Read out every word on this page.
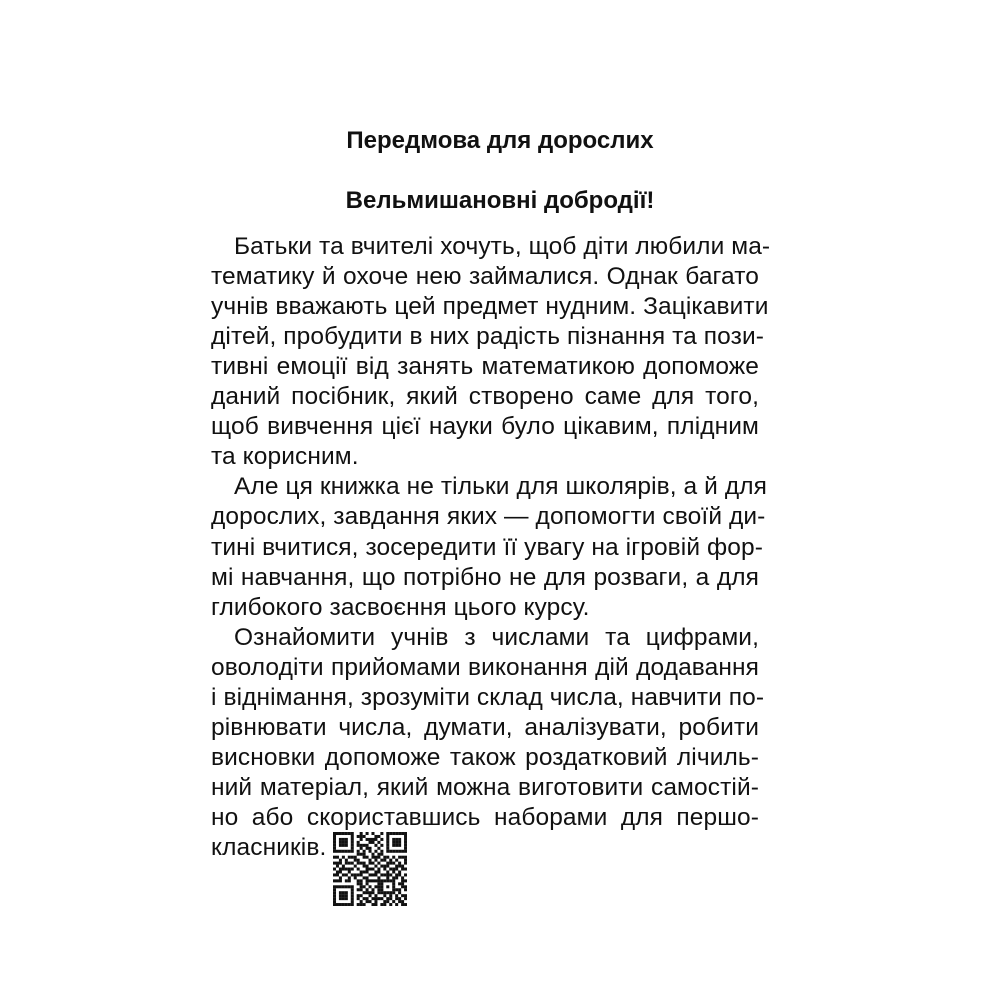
Передмова для дорослих
Вельмишановні добродії!
Батьки та вчителі хочуть, щоб діти любили ма-
тематику й охоче нею займалися. Однак багато
учнів вважають цей предмет нудним. Зацікавити
дітей, пробудити в них радість пізнання та пози-
тивні емоції від занять математикою допоможе
даний посібник, який створено саме для того,
щоб вивчення цієї науки було цікавим, плідним
та корисним.
Але ця книжка не тільки для школярів, а й для
дорослих, завдання яких — допомогти своїй ди-
тині вчитися, зосередити її увагу на ігровій фор-
мі навчання, що потрібно не для розваги, а для
глибокого засвоєння цього курсу.
Ознайомити учнів з числами та цифрами,
оволодіти прийомами виконання дій додавання
і віднімання, зрозуміти склад числа, навчити по-
рівнювати числа, думати, аналізувати, робити
висновки допоможе також роздатковий лічиль-
ний матеріал, який можна виготовити самостій-
но або скориставшись наборами для першо-
класників.
